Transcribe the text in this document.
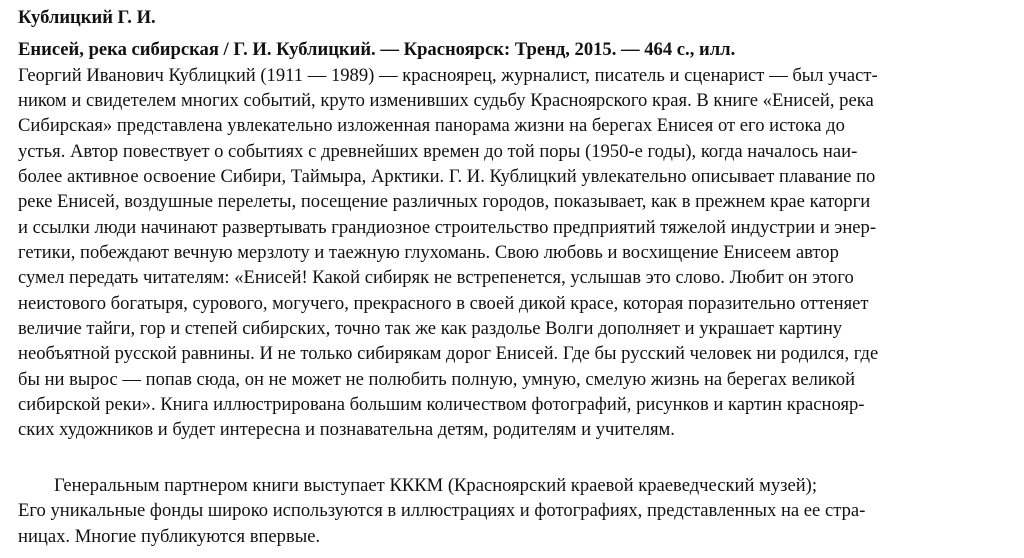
Кублицкий Г. И.
Енисей, река сибирская / Г. И. Кублицкий. — Красноярск: Тренд, 2015. — 464 с., илл.
Георгий Иванович Кублицкий (1911 — 1989) — красноярец, журналист, писатель и сценарист — был участ-
ником и свидетелем многих событий, круто изменивших судьбу Красноярского края. В книге «Енисей, река
Сибирская» представлена увлекательно изложенная панорама жизни на берегах Енисея от его истока до
устья. Автор повествует о событиях с древнейших времен до той поры (1950-е годы), когда началось наи-
более активное освоение Сибири, Таймыра, Арктики. Г. И. Кублицкий увлекательно описывает плавание по
реке Енисей, воздушные перелеты, посещение различных городов, показывает, как в прежнем крае каторги
и ссылки люди начинают развертывать грандиозное строительство предприятий тяжелой индустрии и энер-
гетики, побеждают вечную мерзлоту и таежную глухомань. Свою любовь и восхищение Енисеем автор
сумел передать читателям: «Енисей! Какой сибиряк не встрепенется, услышав это слово. Любит он этого
неистового богатыря, сурового, могучего, прекрасного в своей дикой красе, которая поразительно оттеняет
величие тайги, гор и степей сибирских, точно так же как раздолье Волги дополняет и украшает картину
необъятной русской равнины. И не только сибирякам дорог Енисей. Где бы русский человек ни родился, где
бы ни вырос — попав сюда, он не может не полюбить полную, умную, смелую жизнь на берегах великой
сибирской реки». Книга иллюстрирована большим количеством фотографий, рисунков и картин краснояр-
ских художников и будет интересна и познавательна детям, родителям и учителям.
Генеральным партнером книги выступает КККМ (Красноярский краевой краеведческий музей);
Его уникальные фонды широко используются в иллюстрациях и фотографиях, представленных на ее стра-
ницах. Многие публикуются впервые.
